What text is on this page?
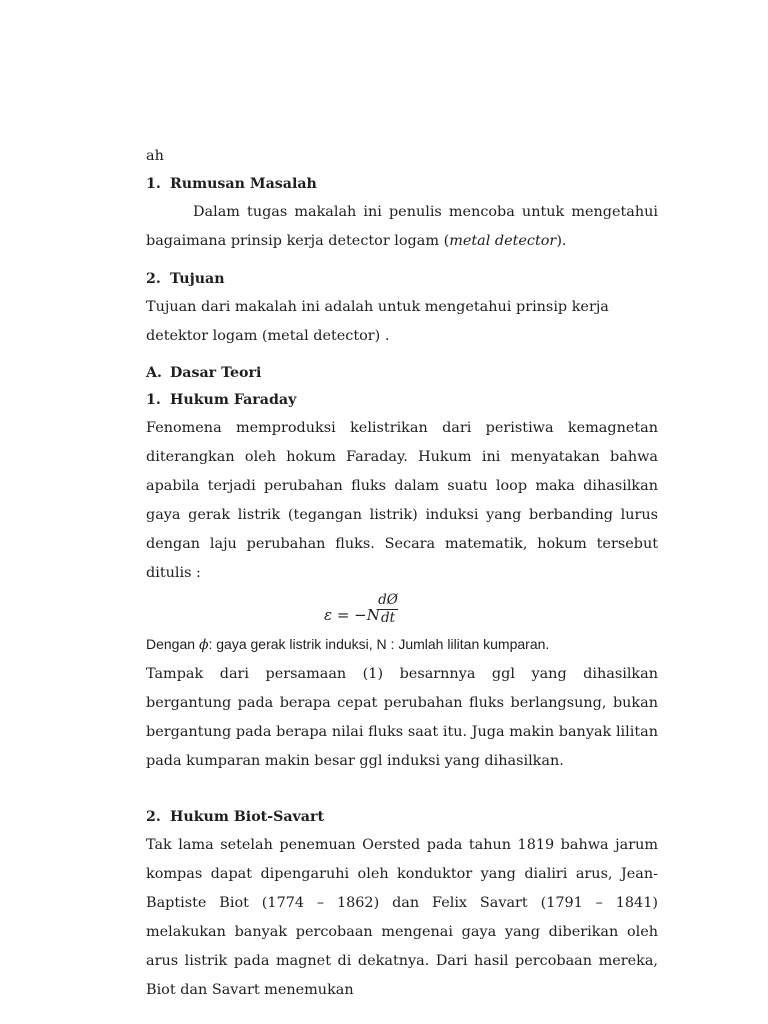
ah

1. Rumusan Masalah

Dalam tugas makalah ini penulis mencoba untuk mengetahui bagaimana prinsip kerja detector logam (metal detector).

2. Tujuan

Tujuan dari makalah ini adalah untuk mengetahui prinsip kerja detektor logam (metal detector) .

A. Dasar Teori
1. Hukum Faraday

Fenomena memproduksi kelistrikan dari peristiwa kemagnetan diterangkan oleh hokum Faraday. Hukum ini menyatakan bahwa apabila terjadi perubahan fluks dalam suatu loop maka dihasilkan gaya gerak listrik (tegangan listrik) induksi yang berbanding lurus dengan laju perubahan fluks. Secara matematik, hokum tersebut ditulis :

ε = −N
dØ
dt

Dengan ϕ: gaya gerak listrik induksi, N : Jumlah lilitan kumparan.

Tampak dari persamaan (1) besarnnya ggl yang dihasilkan bergantung pada berapa cepat perubahan fluks berlangsung, bukan bergantung pada berapa nilai fluks saat itu. Juga makin banyak lilitan pada kumparan makin besar ggl induksi yang dihasilkan.

2. Hukum Biot-Savart

Tak lama setelah penemuan Oersted pada tahun 1819 bahwa jarum kompas dapat dipengaruhi oleh konduktor yang dialiri arus, Jean-Baptiste Biot (1774 – 1862) dan Felix Savart (1791 – 1841) melakukan banyak percobaan mengenai gaya yang diberikan oleh arus listrik pada magnet di dekatnya. Dari hasil percobaan mereka, Biot dan Savart menemukan
